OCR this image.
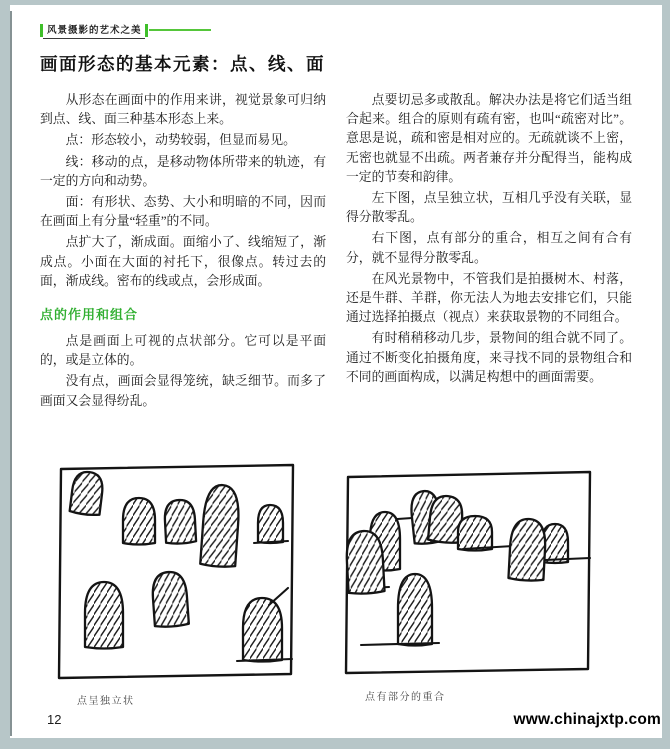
风景摄影的艺术之美
画面形态的基本元素：点、线、面

从形态在画面中的作用来讲，视觉景象可归纳到点、线、面三种基本形态上来。

点：形态较小，动势较弱，但显而易见。

线：移动的点，是移动物体所带来的轨迹，有一定的方向和动势。

面：有形状、态势、大小和明暗的不同，因而在画面上有分量“轻重”的不同。

点扩大了，渐成面。面缩小了、线缩短了，渐成点。小面在大面的衬托下，很像点。转过去的面，渐成线。密布的线或点，会形成面。

点的作用和组合

点是画面上可视的点状部分。它可以是平面的，或是立体的。

没有点，画面会显得笼统，缺乏细节。而多了画面又会显得纷乱。

点要切忌多或散乱。解决办法是将它们适当组合起来。组合的原则有疏有密，也叫“疏密对比”。意思是说，疏和密是相对应的。无疏就谈不上密，无密也就显不出疏。两者兼存并分配得当，能构成一定的节奏和韵律。

左下图，点呈独立状，互相几乎没有关联，显得分散零乱。

右下图，点有部分的重合，相互之间有合有分，就不显得分散零乱。

在风光景物中，不管我们是拍摄树木、村落，还是牛群、羊群，你无法人为地去安排它们，只能通过选择拍摄点（视点）来获取景物的不同组合。

有时稍稍移动几步，景物间的组合就不同了。通过不断变化拍摄角度，来寻找不同的景物组合和不同的画面构成，以满足构想中的画面需要。

点呈独立状	点有部分的重合
12	www.chinajxtp.com
